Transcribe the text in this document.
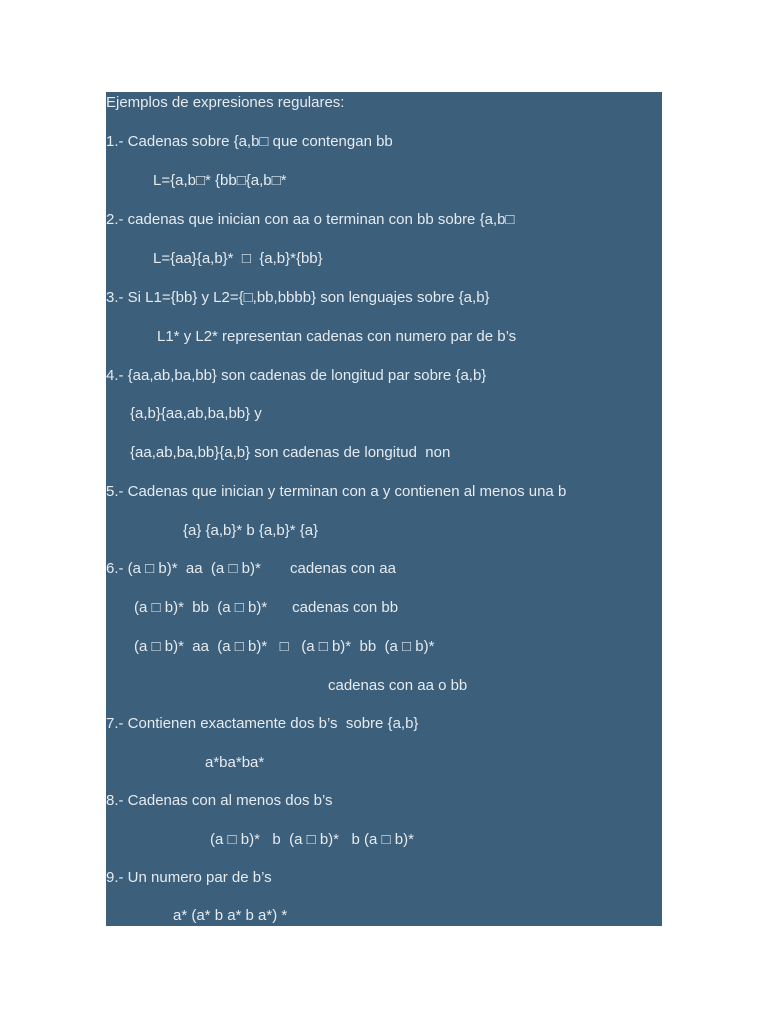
Ejemplos de expresiones regulares:
1.- Cadenas sobre {a,b□ que contengan bb
L={a,b□* {bb□{a,b□*
2.- cadenas que inician con aa o terminan con bb sobre {a,b□
L={aa}{a,b}*  □  {a,b}*{bb}
3.- Si L1={bb} y L2={□,bb,bbbb} son lenguajes sobre {a,b}
L1* y L2* representan cadenas con numero par de b’s
4.- {aa,ab,ba,bb} son cadenas de longitud par sobre {a,b}
{a,b}{aa,ab,ba,bb} y
{aa,ab,ba,bb}{a,b} son cadenas de longitud  non
5.- Cadenas que inician y terminan con a y contienen al menos una b
{a} {a,b}* b {a,b}* {a}
6.- (a □ b)*  aa  (a □ b)*       cadenas con aa
(a □ b)*  bb  (a □ b)*      cadenas con bb
(a □ b)*  aa  (a □ b)*   □   (a □ b)*  bb  (a □ b)*
cadenas con aa o bb
7.- Contienen exactamente dos b’s  sobre {a,b}
a*ba*ba*
8.- Cadenas con al menos dos b’s
(a □ b)*   b  (a □ b)*   b (a □ b)*
9.- Un numero par de b’s
a* (a* b a* b a*) *
